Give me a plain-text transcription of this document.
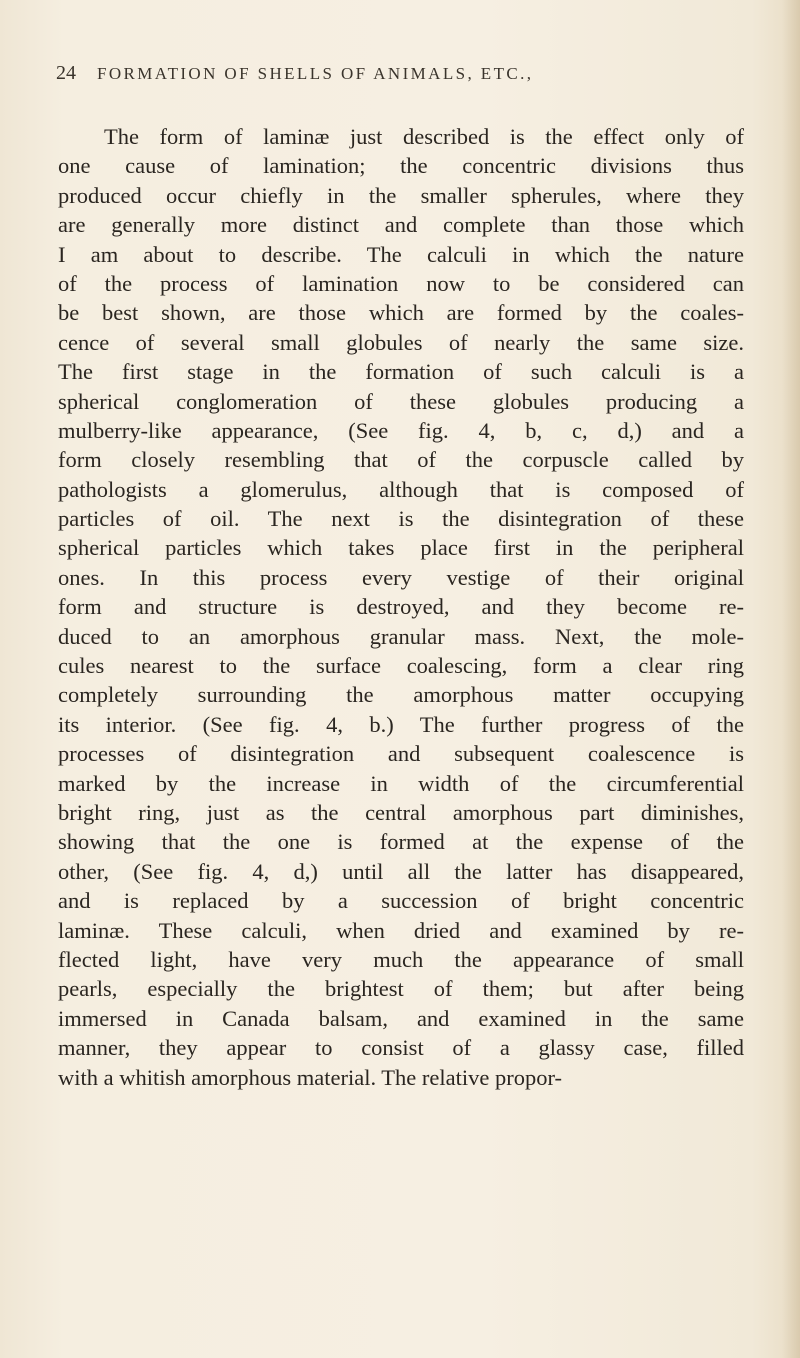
24 FORMATION OF SHELLS OF ANIMALS, ETC.,
The form of laminæ just described is the effect only of
one cause of lamination; the concentric divisions thus
produced occur chiefly in the smaller spherules, where they
are generally more distinct and complete than those which
I am about to describe. The calculi in which the nature
of the process of lamination now to be considered can
be best shown, are those which are formed by the coales-
cence of several small globules of nearly the same size.
The first stage in the formation of such calculi is a
spherical conglomeration of these globules producing a
mulberry-like appearance, (See fig. 4, b, c, d,) and a
form closely resembling that of the corpuscle called by
pathologists a glomerulus, although that is composed of
particles of oil. The next is the disintegration of these
spherical particles which takes place first in the peripheral
ones. In this process every vestige of their original
form and structure is destroyed, and they become re-
duced to an amorphous granular mass. Next, the mole-
cules nearest to the surface coalescing, form a clear ring
completely surrounding the amorphous matter occupying
its interior. (See fig. 4, b.) The further progress of the
processes of disintegration and subsequent coalescence is
marked by the increase in width of the circumferential
bright ring, just as the central amorphous part diminishes,
showing that the one is formed at the expense of the
other, (See fig. 4, d,) until all the latter has disappeared,
and is replaced by a succession of bright concentric
laminæ. These calculi, when dried and examined by re-
flected light, have very much the appearance of small
pearls, especially the brightest of them; but after being
immersed in Canada balsam, and examined in the same
manner, they appear to consist of a glassy case, filled
with a whitish amorphous material. The relative propor-
